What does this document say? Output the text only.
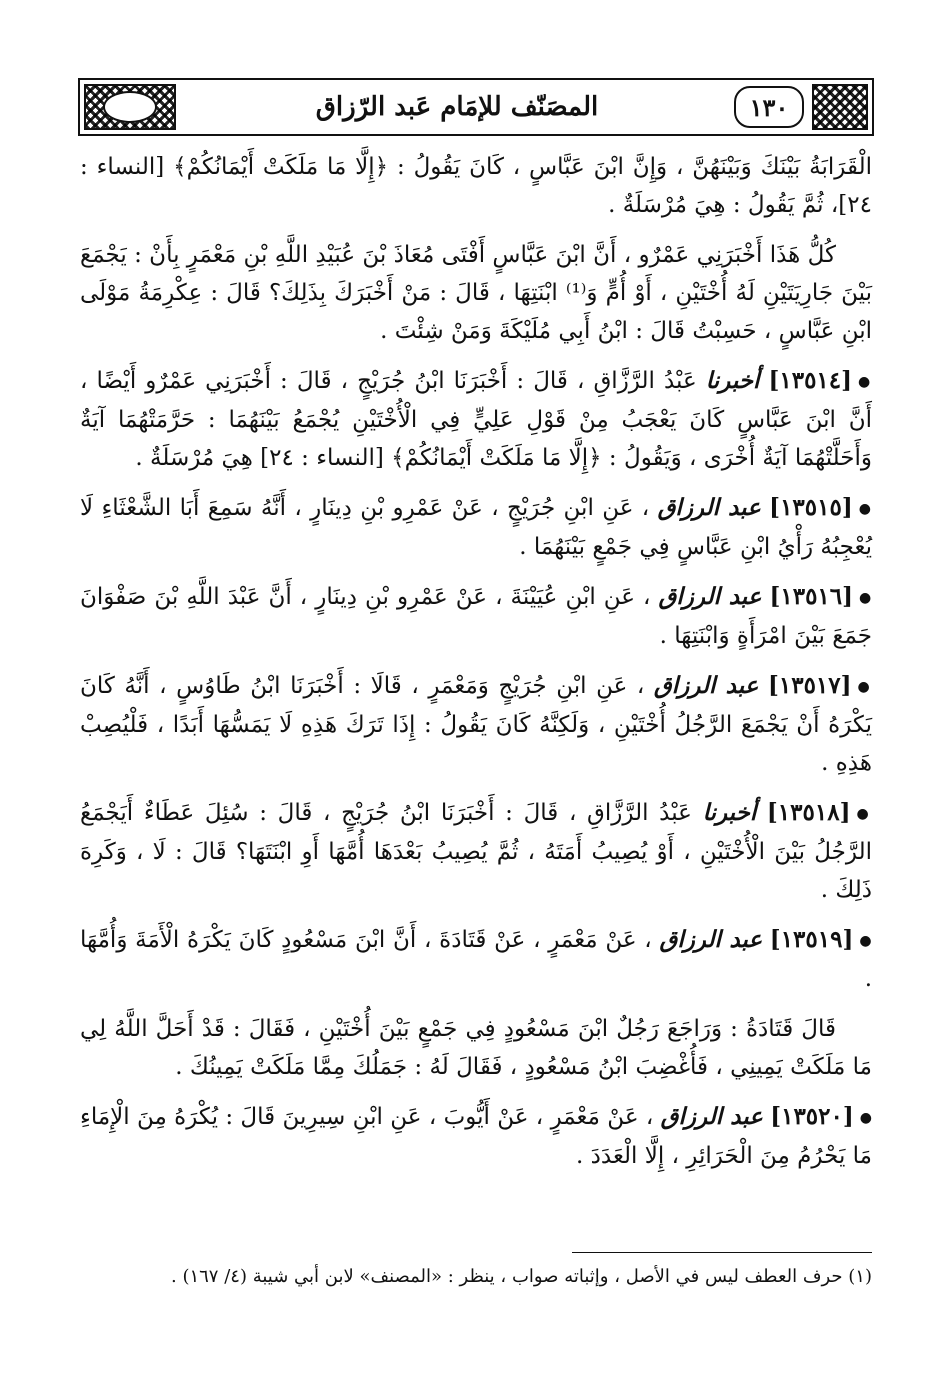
المصَنّف للإمَام عَبد الرّزاق	١٣٠

الْقَرَابَةُ بَيْنَكَ وَبَيْنَهُنَّ ، وَإِنَّ ابْنَ عَبَّاسٍ ، كَانَ يَقُولُ : ﴿إِلَّا مَا مَلَكَتْ أَيْمَانُكُمْ﴾ [النساء : ٢٤]، ثُمَّ يَقُولُ : هِيَ مُرْسَلَةٌ .

كُلُّ هَذَا أَخْبَرَنِي عَمْرٌو ، أَنَّ ابْنَ عَبَّاسٍ أَفْتَى مُعَاذَ بْنَ عُبَيْدِ اللَّهِ بْنِ مَعْمَرٍ بِأَنْ : يَجْمَعَ بَيْنَ جَارِيَتَيْنِ لَهُ أُخْتَيْنِ ، أَوْ أُمٍّ وَ⁽¹⁾ ابْنَتِهَا ، قَالَ : مَنْ أَخْبَرَكَ بِذَلِكَ؟ قَالَ : عِكْرِمَةُ مَوْلَى ابْنِ عَبَّاسٍ ، حَسِبْتُ قَالَ : ابْنُ أَبِي مُلَيْكَةَ وَمَنْ شِئْتَ .

●[١٣٥١٤] أخبرنا عَبْدُ الرَّزَّاقِ ، قَالَ : أَخْبَرَنَا ابْنُ جُرَيْجٍ ، قَالَ : أَخْبَرَنِي عَمْرٌو أَيْضًا ، أَنَّ ابْنَ عَبَّاسٍ كَانَ يَعْجَبُ مِنْ قَوْلِ عَلِيٍّ فِي الْأُخْتَيْنِ يُجْمَعُ بَيْنَهُمَا : حَرَّمَتْهُمَا آيَةٌ وَأَحَلَّتْهُمَا آيَةٌ أُخْرَى ، وَيَقُولُ : ﴿إِلَّا مَا مَلَكَتْ أَيْمَانُكُمْ﴾ [النساء : ٢٤] هِيَ مُرْسَلَةٌ .

●[١٣٥١٥] عبد الرزاق ، عَنِ ابْنِ جُرَيْجٍ ، عَنْ عَمْرِو بْنِ دِينَارٍ ، أَنَّهُ سَمِعَ أَبَا الشَّعْثَاءِ لَا يُعْجِبُهُ رَأْيُ ابْنِ عَبَّاسٍ فِي جَمْعٍ بَيْنَهُمَا .

●[١٣٥١٦] عبد الرزاق ، عَنِ ابْنِ عُيَيْنَةَ ، عَنْ عَمْرِو بْنِ دِينَارٍ ، أَنَّ عَبْدَ اللَّهِ بْنَ صَفْوَانَ جَمَعَ بَيْنَ امْرَأَةٍ وَابْنَتِهَا .

●[١٣٥١٧] عبد الرزاق ، عَنِ ابْنِ جُرَيْجٍ وَمَعْمَرٍ ، قَالَا : أَخْبَرَنَا ابْنُ طَاوُسٍ ، أَنَّهُ كَانَ يَكْرَهُ أَنْ يَجْمَعَ الرَّجُلُ أُخْتَيْنِ ، وَلَكِنَّهُ كَانَ يَقُولُ : إِذَا تَرَكَ هَذِهِ لَا يَمَسُّهَا أَبَدًا ، فَلْيُصِبْ هَذِهِ .

●[١٣٥١٨] أخبرنا عَبْدُ الرَّزَّاقِ ، قَالَ : أَخْبَرَنَا ابْنُ جُرَيْجٍ ، قَالَ : سُئِلَ عَطَاءٌ أَيَجْمَعُ الرَّجُلُ بَيْنَ الْأُخْتَيْنِ ، أَوْ يُصِيبُ أَمَتَهُ ، ثُمَّ يُصِيبُ بَعْدَهَا أُمَّهَا أَوِ ابْنَتَهَا؟ قَالَ : لَا ، وَكَرِهَ ذَلِكَ .

●[١٣٥١٩] عبد الرزاق ، عَنْ مَعْمَرٍ ، عَنْ قَتَادَةَ ، أَنَّ ابْنَ مَسْعُودٍ كَانَ يَكْرَهُ الْأَمَةَ وَأُمَّهَا .

قَالَ قَتَادَةُ : وَرَاجَعَ رَجُلٌ ابْنَ مَسْعُودٍ فِي جَمْعٍ بَيْنَ أُخْتَيْنِ ، فَقَالَ : قَدْ أَحَلَّ اللَّهُ لِي مَا مَلَكَتْ يَمِينِي ، فَأُغْضِبَ ابْنُ مَسْعُودٍ ، فَقَالَ لَهُ : جَمَلُكَ مِمَّا مَلَكَتْ يَمِينُكَ .

●[١٣٥٢٠] عبد الرزاق ، عَنْ مَعْمَرٍ ، عَنْ أَيُّوبَ ، عَنِ ابْنِ سِيرِينَ قَالَ : يُكْرَهُ مِنَ الْإِمَاءِ مَا يَحْرُمُ مِنَ الْحَرَائِرِ ، إِلَّا الْعَدَدَ .

(١) حرف العطف ليس في الأصل ، وإثباته صواب ، ينظر : «المصنف» لابن أبي شيبة (٤/ ١٦٧) .
